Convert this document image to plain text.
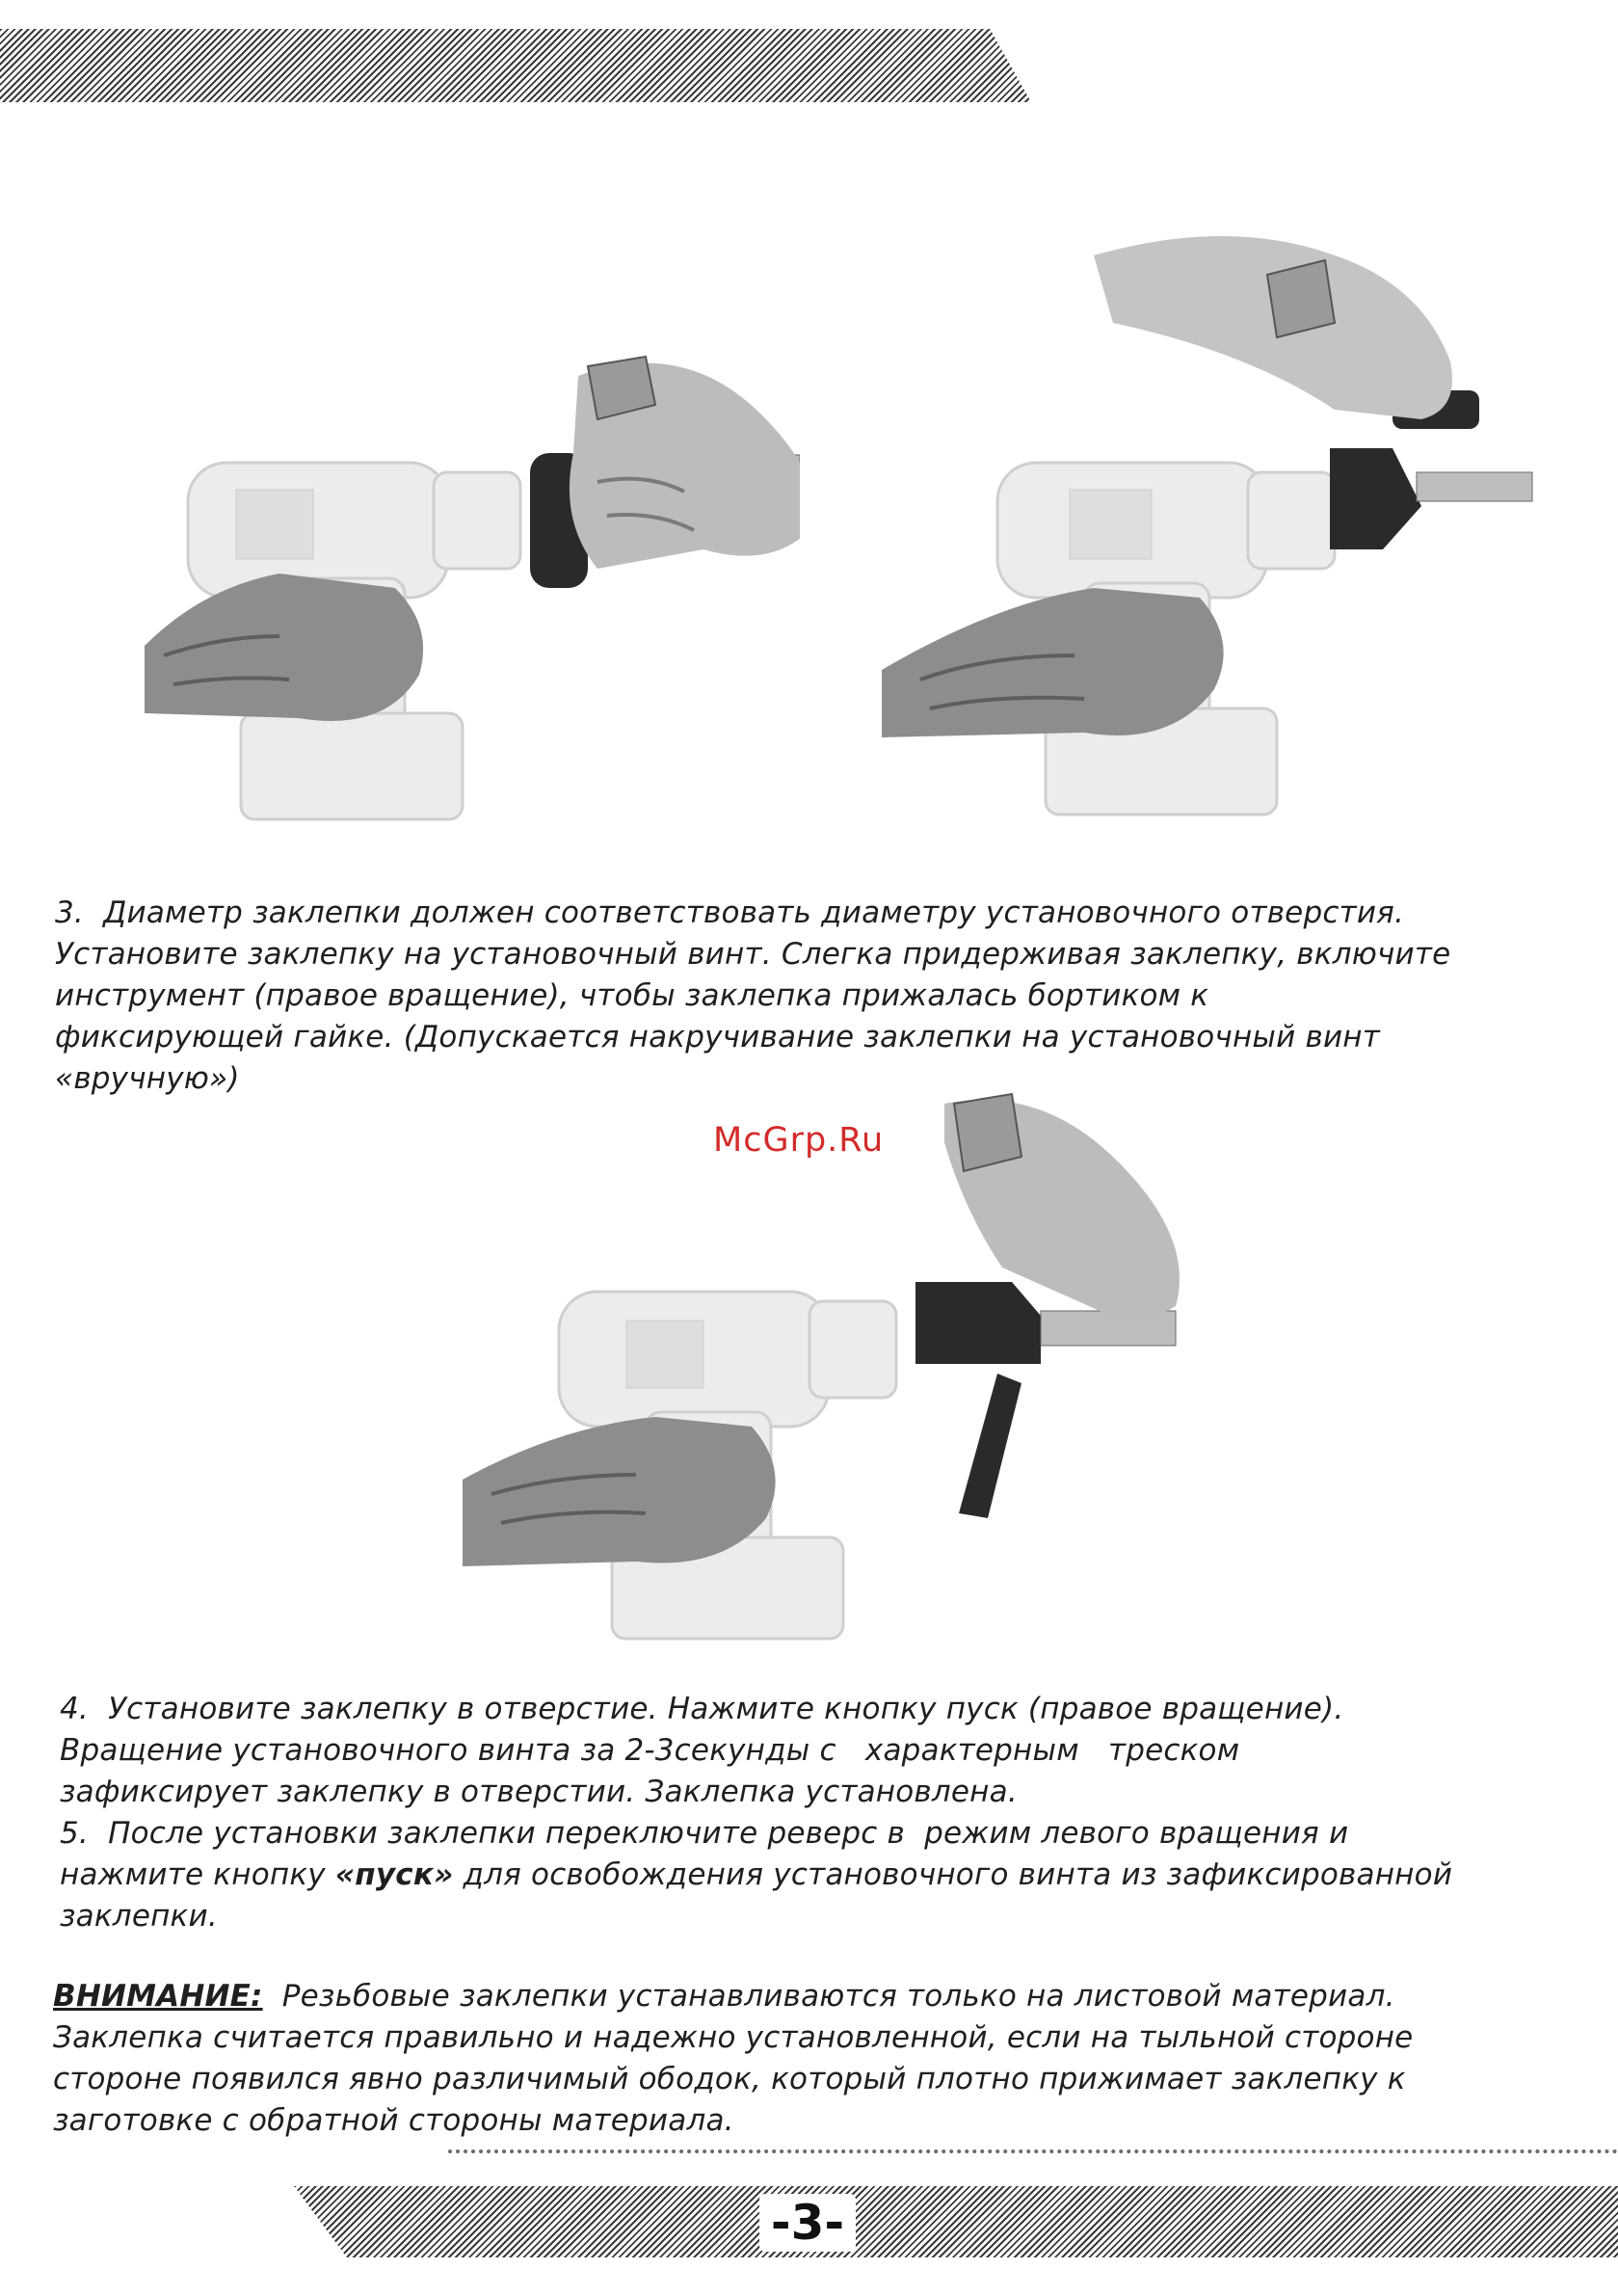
-3-

3.  Диаметр заклепки должен соответствовать диаметру установочного отверстия.
Установите заклепку на установочный винт. Слегка придерживая заклепку, включите
инструмент (правое вращение), чтобы заклепка прижалась бортиком к
фиксирующей гайке. (Допускается накручивание заклепки на установочный винт
«вручную»)

McGrp.Ru

4.  Установите заклепку в отверстие. Нажмите кнопку пуск (правое вращение).
Вращение установочного винта за 2-3секунды с   характерным   треском
зафиксирует заклепку в отверстии. Заклепка установлена.
5.  После установки заклепки переключите реверс в  режим левого вращения и
нажмите кнопку «пуск» для освобождения установочного винта из зафиксированной
заклепки.

ВНИМАНИЕ:  Резьбовые заклепки устанавливаются только на листовой материал.
Заклепка считается правильно и надежно установленной, если на тыльной стороне
стороне появился явно различимый ободок, который плотно прижимает заклепку к
заготовке с обратной стороны материала.
